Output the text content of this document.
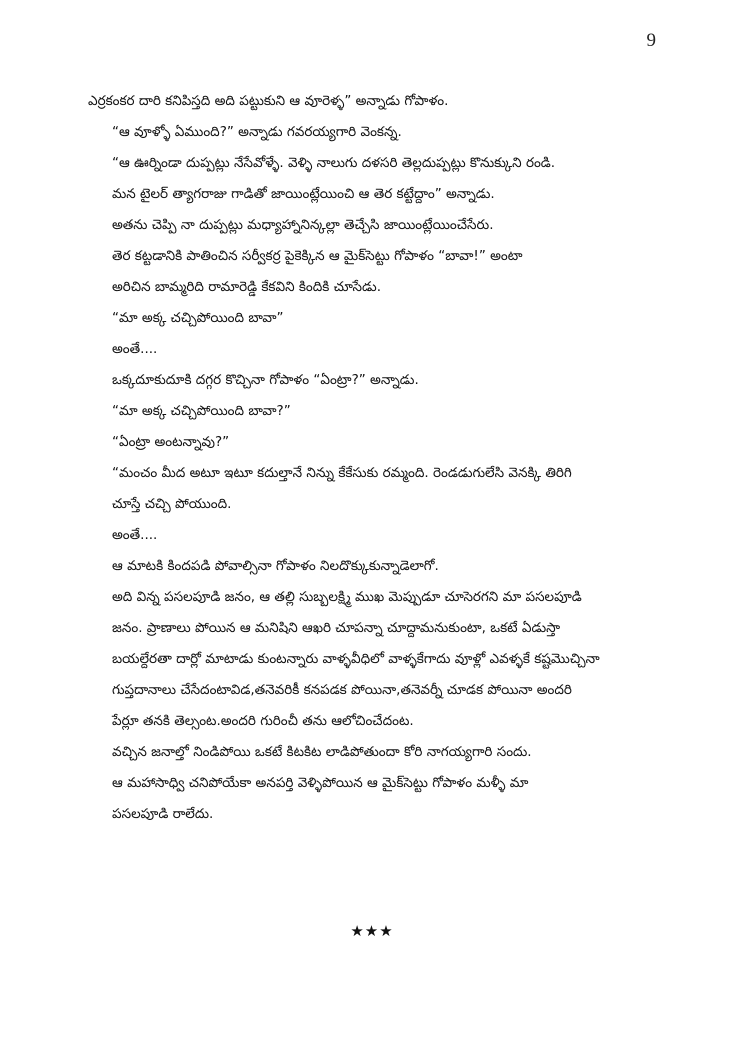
9

ఎర్రకంకర దారి కనిపిస్తది అది పట్టుకుని ఆ వూరెళ్ళ” అన్నాడు గోపాళం.

“ఆ వూళ్ళో ఏముంది?” అన్నాడు గవరయ్యగారి వెంకన్న.

“ఆ ఊర్నిండా దుప్పట్లు నేసేవోళ్ళే. వెళ్ళి నాలుగు దళసరి తెల్లదుప్పట్లు కొనుక్కుని రండి.
మన టైలర్ త్యాగరాజు గాడితో జాయింట్లేయించి ఆ తెర కట్టేద్దాం” అన్నాడు.

అతను చెప్పి నా దుప్పట్లు మధ్యాహ్నానిన్కల్లా తెచ్చేసి జాయింట్లేయించేసేరు.

తెర కట్టడానికి పాతించిన సర్వీకర్ర పైకెక్కిన ఆ మైక్‌సెట్టు గోపాళం “బావా!” అంటా
అరిచిన బామ్మరిది రామారెడ్డి కేకవిని కిందికి చూసేడు.

“మా అక్క చచ్చిపోయింది బావా”

అంతే....

ఒక్కదూకుదూకి దగ్గర కొచ్చినా గోపాళం “ఏంట్రా?” అన్నాడు.

“మా అక్క చచ్చిపోయింది బావా?”

“ఏంట్రా అంటన్నావు?”

“మంచం మీద అటూ ఇటూ కదుల్తానే నిన్ను కేకేసుకు రమ్మంది. రెండడుగులేసి వెనక్కి తిరిగి
చూస్తే చచ్చి పోయుంది.

అంతే....

ఆ మాటకి కిందపడి పోవాల్సినా గోపాళం నిలదొక్కుకున్నాడెలాగో.

అది విన్న పసలపూడి జనం, ఆ తల్లి సుబ్బలక్ష్మి ముఖ మెప్పుడూ చూసెరగని మా పసలపూడి
జనం. ప్రాణాలు పోయిన ఆ మనిషిని ఆఖరి చూపన్నా చూద్దామనుకుంటా, ఒకటే ఏడుస్తా
బయల్దేరతా దార్లో మాటాడు కుంటన్నారు వాళ్ళవీధిలో వాళ్ళకేగాదు వూళ్లో ఎవళ్ళకే కష్టమొచ్చినా
గుప్తదానాలు చేసేదంటావిడ,తనెవరికీ కనపడక పోయినా,తనెవర్నీ చూడక పోయినా అందరి
పేర్లూ తనకి తెల్సంట.అందరి గురించీ తను ఆలోచించేదంట.

వచ్చిన జనాల్తో నిండిపోయి ఒకటే కిటకిట లాడిపోతుందా కోరి నాగయ్యగారి సందు.

ఆ మహాసాధ్వి చనిపోయేకా అనపర్తి వెళ్ళిపోయిన ఆ మైక్‌సెట్టు గోపాళం మళ్ళీ మా
పసలపూడి రాలేదు.

★★★
